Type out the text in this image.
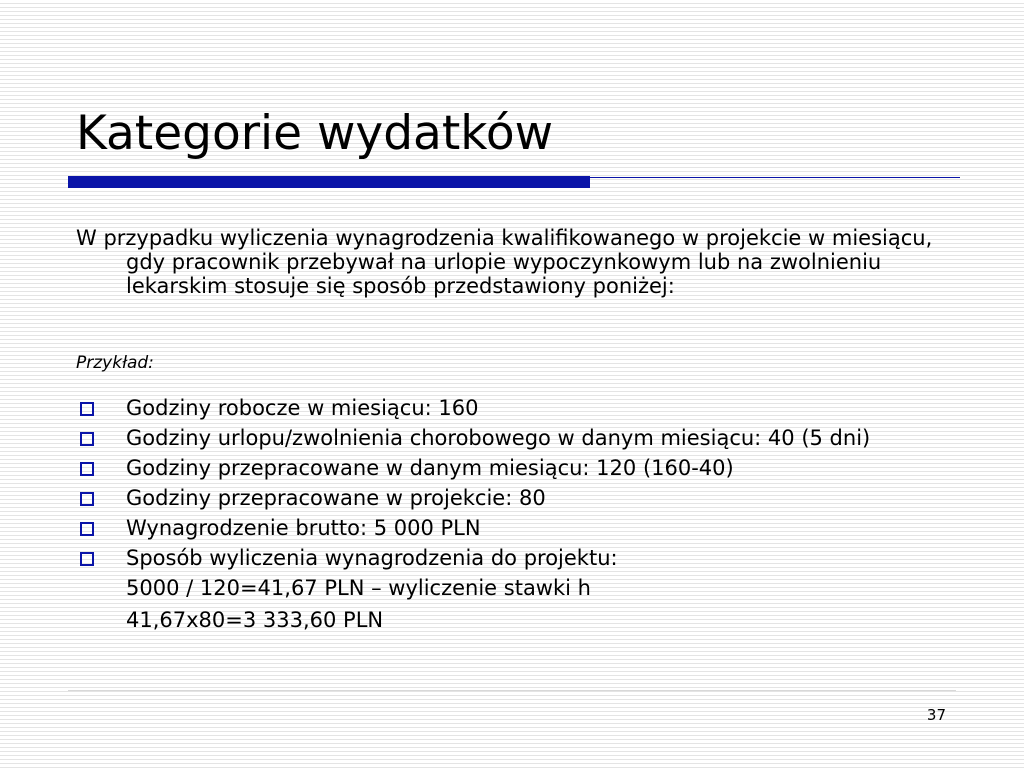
Kategorie wydatków
W przypadku wyliczenia wynagrodzenia kwalifikowanego w projekcie w miesiącu, gdy pracownik przebywał na urlopie wypoczynkowym lub na zwolnieniu lekarskim stosuje się sposób przedstawiony poniżej:
Przykład:
Godziny robocze w miesiącu: 160
Godziny urlopu/zwolnienia chorobowego w danym miesiącu: 40 (5 dni)
Godziny przepracowane w danym miesiącu: 120 (160-40)
Godziny przepracowane w projekcie: 80
Wynagrodzenie brutto: 5 000 PLN
Sposób wyliczenia wynagrodzenia do projektu:
5000 / 120=41,67 PLN – wyliczenie stawki h
41,67x80=3 333,60 PLN
37
